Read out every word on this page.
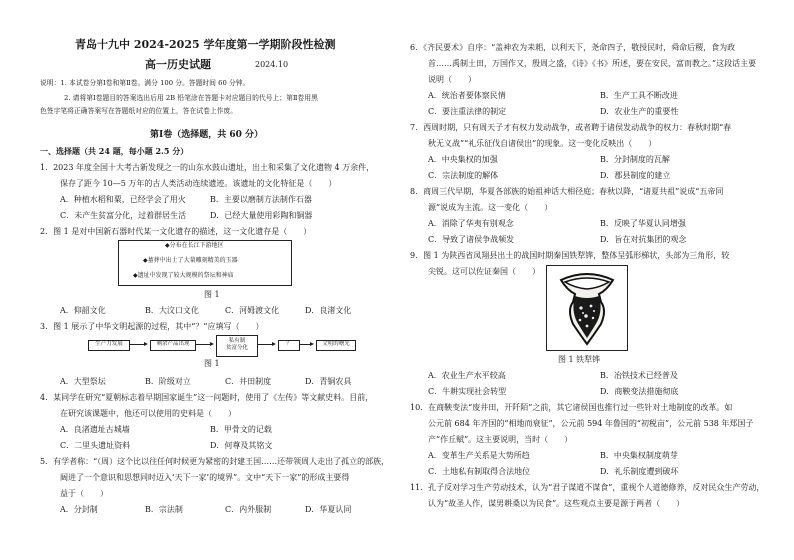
青岛十九中 2024-2025 学年度第一学期阶段性检测
高一历史试题	2024.10
说明：1. 本试卷分第Ⅰ卷和第Ⅱ卷。满分 100 分。答题时间 60 分钟。
2. 请将第Ⅰ卷题目的答案选出后用 2B 铅笔涂在答题卡对应题目的代号上；第Ⅱ卷用黑
色签字笔将正确答案写在答题纸对应的位置上，答在试卷上作废。
第Ⅰ卷（选择题，共 60 分）
一、选择题（共 24 题，每小题 2.5 分）
1．2023 年度全国十大考古新发现之一的山东水鼓山遗址，出土和采集了文化遗物 4 万余件，
保存了距今 10—5 万年的古人类活动连续遗迹。该遗址的文化特征是（　　）
A．种植水稻和粟，已经学会了用火	B．主要以磨制方法制作石器
C．未产生贫富分化，过着群居生活	D．已经大量使用彩陶和铜器
2．图 1 是对中国新石器时代某一文化遗存的描述，这一文化遗存是（　　）
◆分布在长江下游地区
◆墓葬中出土了大量雕刻精美的玉器
◆遗址中发现了较大规模的祭坛和神庙
图 1
A．仰韶文化	B．大汶口文化	C．河姆渡文化	D．良渚文化
3．图 1 展示了中华文明起源的过程，其中“？”应填写（　　）
生产力发展	剩余产品出现	私有制
贫富分化
？	文明的曙光
图 1
A．大型祭坛	B．阶级对立	C．井田制度	D．青铜农具
4．某同学在研究“夏朝标志着早期国家诞生”这一问题时，使用了《左传》等文献史料。目前，
在研究该课题中，他还可以使用的史料是（　　）
A．良渚遗址古城墙	B．甲骨文的记载
C．二里头遗址资料	D．何尊及其铭文
5．有学者称：“（周）这个比以往任何时候更为紧密的封建王国……还带领周人走出了孤立的部族，
阔进了一个意识和思想同时迈入‘天下一家’的境界”。文中“天下一家”的形成主要得
益于（　　）
A．分封制	B．宗法制	C．内外服制	D．华夏认同
6．《齐民要术》自序：“盖神农为耒耜，以利天下，尧命四子，敬授民时，舜命后稷，食为政
首……禹制土田，万国作又，殷周之盛，《诗》《书》所述，要在安民，富而教之。”这段话主要
说明（　　）
A．统治者要体察民情	B．生产工具不断改进
C．要注重法律的制定	D．农业生产的重要性
7．西周时期，只有周天子才有权力发动战争，或者聘于诸侯发动战争的权力：春秋时期“春
秋无义战”“礼乐征伐自诸侯出”的现象。这一变化反映出（　　）
A．中央集权的加强	B．分封制度的瓦解
C．宗法制度的解体	D．郡县制度的建立
8．商周三代早期，华夏各部族的始祖神话大相径庭；春秋以降，“诸夏共祖”说成“五帝同
源”说成为主流。这一变化（　　）
A．消除了华夷有别观念	B．反映了华夏认同增强
C．导致了诸侯争战频发	D．旨在对抗集团的观念
9．图 1 为陕西省凤翔县出土的战国时期秦国铁犁铧，整体呈弧形梯状，头部为三角形，较
尖锐。这可以佐证秦国（　　）
图 1 铁犁铧
A．农业生产水平较高	B．冶铁技术已经普及
C．牛耕实现社会转型	D．商鞅变法措施彻底
10．在商鞅变法“废井田，开阡陌”之前，其它诸侯国也推行过一些针对土地制度的改革。如
公元前 684 年齐国的“相地而衰征”，公元前 594 年鲁国的“初税亩”，公元前 538 年郑国子
产“作丘赋”。这主要说明，当时（　　）
A．变革生产关系是大势所趋	B．中央集权制度萌芽
C．土地私有制取得合法地位	D．礼乐制度遭到破坏
11．孔子反对学习生产劳动技术，认为“君子谋道不谋食”，重视个人道德修养，反对民众生产劳动，
认为“故圣人作，谋男耕桑以为民食”。这些观点主要是源于两者（　　）
